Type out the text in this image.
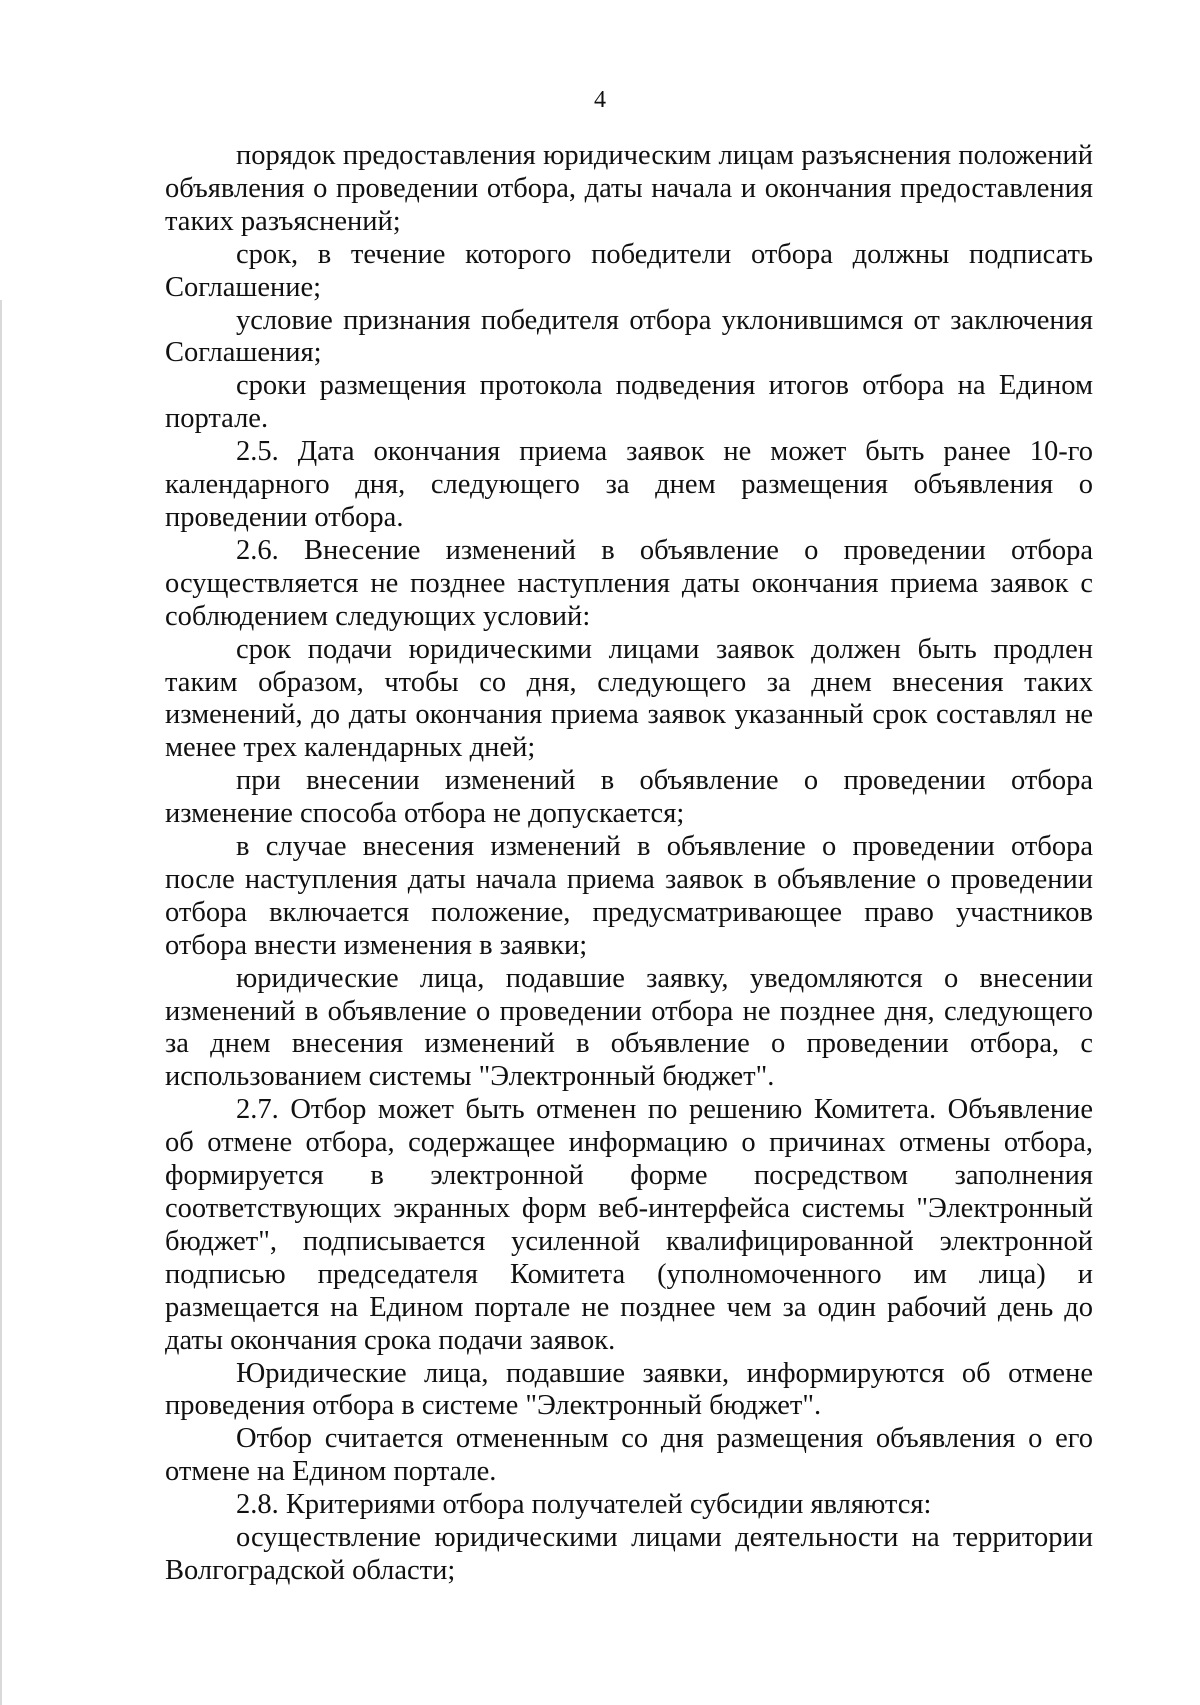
4

порядок предоставления юридическим лицам разъяснения положений объявления о проведении отбора, даты начала и окончания предоставления таких разъяснений;

срок, в течение которого победители отбора должны подписать Соглашение;

условие признания победителя отбора уклонившимся от заключения Соглашения;

сроки размещения протокола подведения итогов отбора на Едином портале.

2.5. Дата окончания приема заявок не может быть ранее 10-го календарного дня, следующего за днем размещения объявления о проведении отбора.

2.6. Внесение изменений в объявление о проведении отбора осуществляется не позднее наступления даты окончания приема заявок с соблюдением следующих условий:

срок подачи юридическими лицами заявок должен быть продлен таким образом, чтобы со дня, следующего за днем внесения таких изменений, до даты окончания приема заявок указанный срок составлял не менее трех календарных дней;

при внесении изменений в объявление о проведении отбора изменение способа отбора не допускается;

в случае внесения изменений в объявление о проведении отбора после наступления даты начала приема заявок в объявление о проведении отбора включается положение, предусматривающее право участников отбора внести изменения в заявки;

юридические лица, подавшие заявку, уведомляются о внесении изменений в объявление о проведении отбора не позднее дня, следующего за днем внесения изменений в объявление о проведении отбора, с использованием системы "Электронный бюджет".

2.7. Отбор может быть отменен по решению Комитета. Объявление об отмене отбора, содержащее информацию о причинах отмены отбора, формируется в электронной форме посредством заполнения соответствующих экранных форм веб-интерфейса системы "Электронный бюджет", подписывается усиленной квалифицированной электронной подписью председателя Комитета (уполномоченного им лица) и размещается на Едином портале не позднее чем за один рабочий день до даты окончания срока подачи заявок.

Юридические лица, подавшие заявки, информируются об отмене проведения отбора в системе "Электронный бюджет".

Отбор считается отмененным со дня размещения объявления о его отмене на Едином портале.

2.8. Критериями отбора получателей субсидии являются:

осуществление юридическими лицами деятельности на территории Волгоградской области;
